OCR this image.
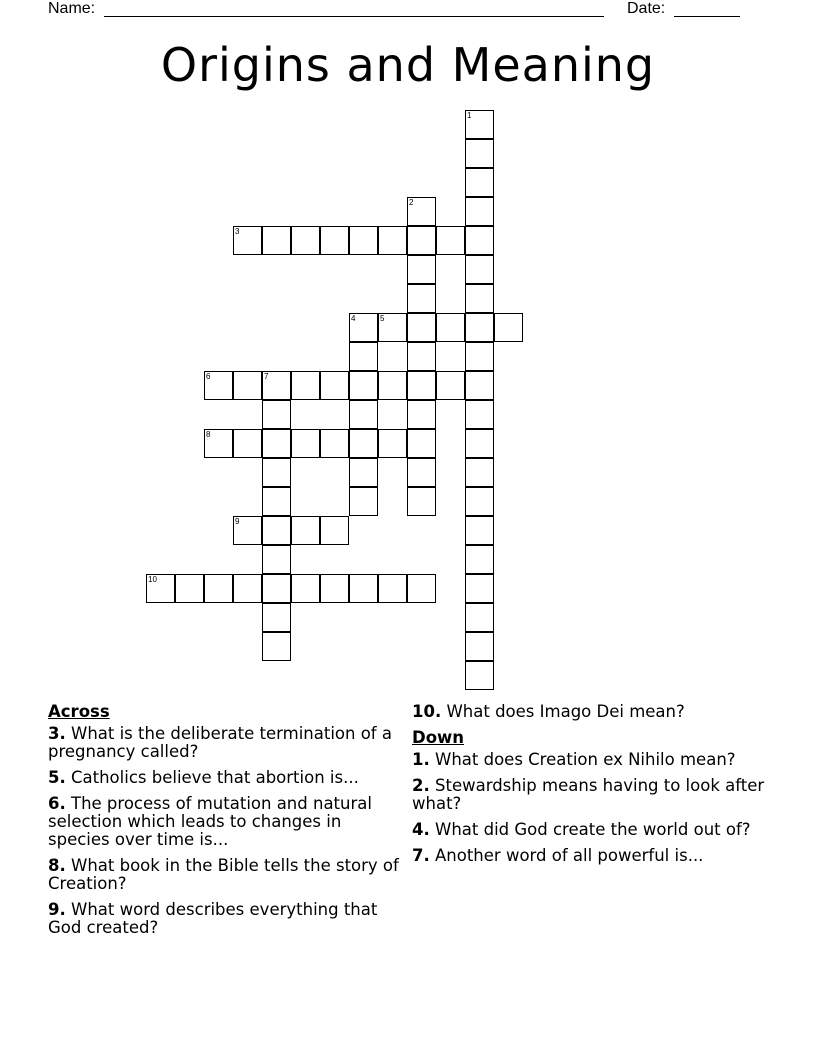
Name:	Date:
Origins and Meaning
1
2
3
4	5
6	7
8
9
10
Across
3. What is the deliberate termination of a pregnancy called?
5. Catholics believe that abortion is...
6. The process of mutation and natural selection which leads to changes in species over time is...
8. What book in the Bible tells the story of Creation?
9. What word describes everything that God created?
10. What does Imago Dei mean?
Down
1. What does Creation ex Nihilo mean?
2. Stewardship means having to look after what?
4. What did God create the world out of?
7. Another word of all powerful is...
